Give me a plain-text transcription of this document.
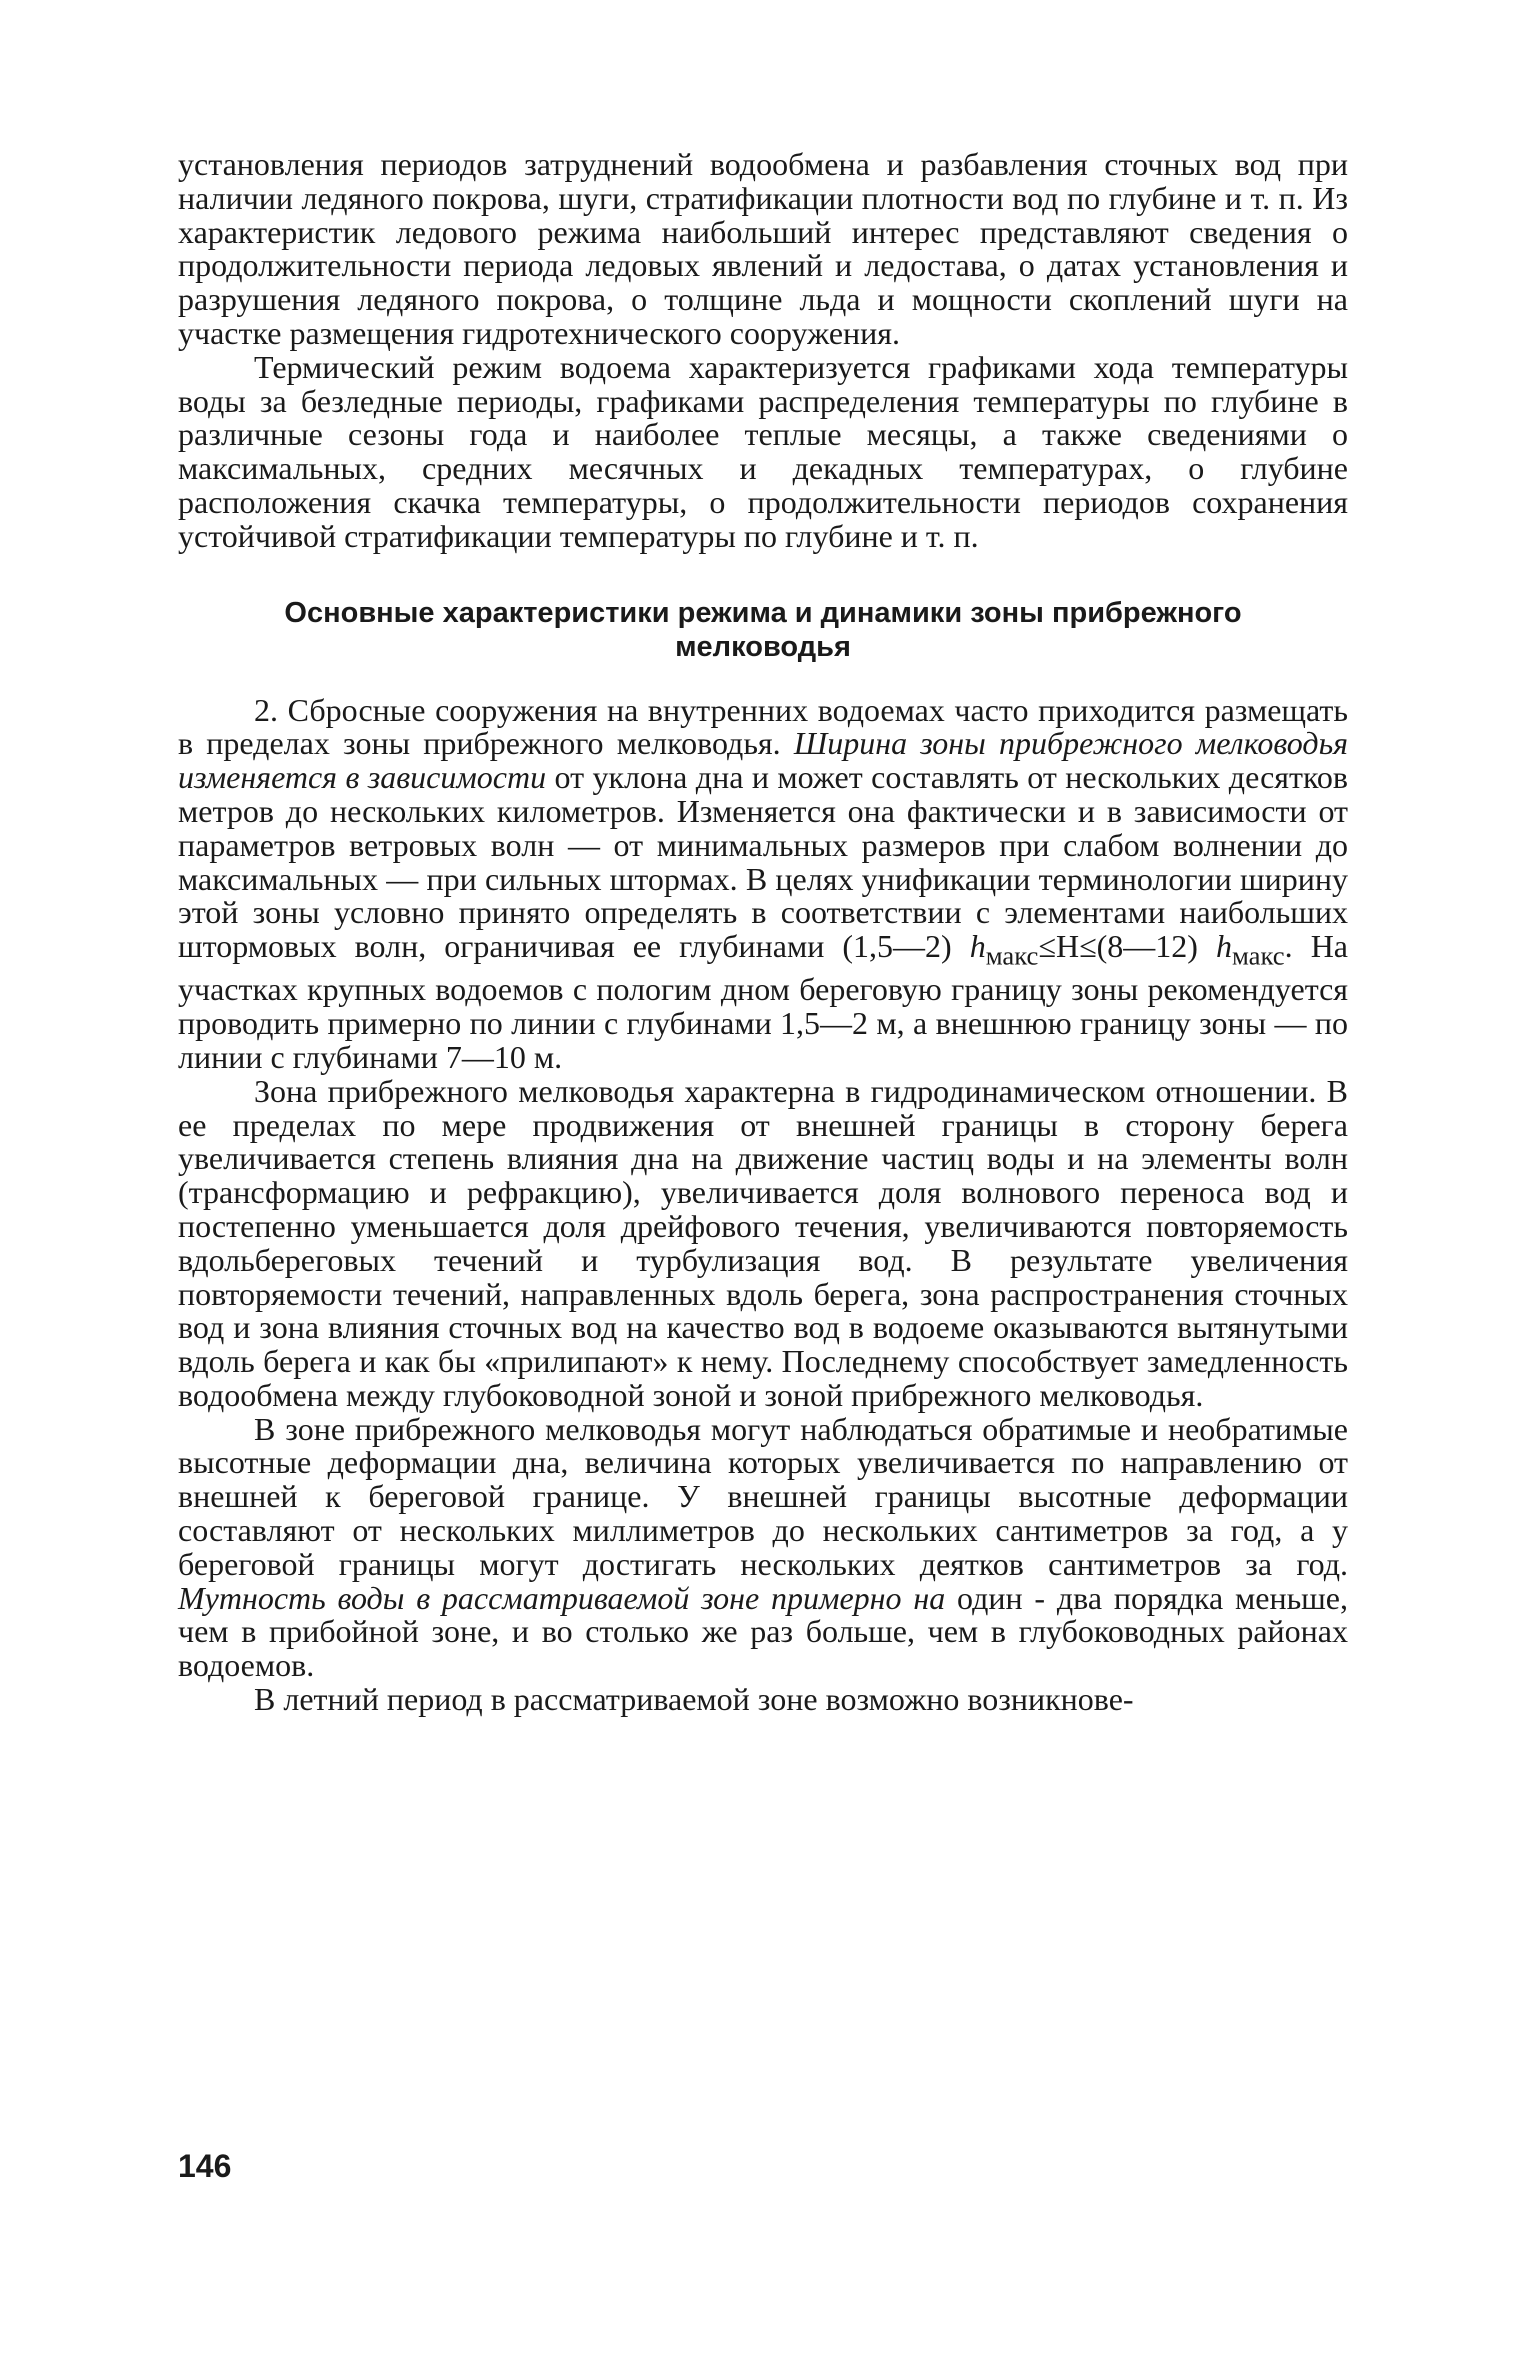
установления периодов затруднений водообмена и разбавления сточных вод при наличии ледяного покрова, шуги, стратификации плотности вод по глубине и т. п. Из характеристик ледового режима наибольший интерес представляют сведения о продолжительности периода ледовых явлений и ледостава, о датах установления и разрушения ледяного покрова, о толщине льда и мощности скоплений шуги на участке размещения гидротехнического сооружения.

Термический режим водоема характеризуется графиками хода температуры воды за безледные периоды, графиками распределения температуры по глубине в различные сезоны года и наиболее теплые месяцы, а также сведениями о максимальных, средних месячных и декадных температурах, о глубине расположения скачка температуры, о продолжительности периодов сохранения устойчивой стратификации температуры по глубине и т. п.

Основные характеристики режима и динамики зоны прибрежного
мелководья

2. Сбросные сооружения на внутренних водоемах часто приходится размещать в пределах зоны прибрежного мелководья. Ширина зоны прибрежного мелководья изменяется в зависимости от уклона дна и может составлять от нескольких десятков метров до нескольких километров. Изменяется она фактически и в зависимости от параметров ветровых волн — от минимальных размеров при слабом волнении до максимальных — при сильных штормах. В целях унификации терминологии ширину этой зоны условно принято определять в соответствии с элементами наибольших штормовых волн, ограничивая ее глубинами (1,5—2) $h_{макс}\le H\le(8—12)$ $h_{макс}$. На участках крупных водоемов с пологим дном береговую границу зоны рекомендуется проводить примерно по линии с глубинами 1,5—2 м, а внешнюю границу зоны — по линии с глубинами 7—10 м.

Зона прибрежного мелководья характерна в гидродинамическом отношении. В ее пределах по мере продвижения от внешней границы в сторону берега увеличивается степень влияния дна на движение частиц воды и на элементы волн (трансформацию и рефракцию), увеличивается доля волнового переноса вод и постепенно уменьшается доля дрейфового течения, увеличиваются повторяемость вдольбереговых течений и турбулизация вод. В результате увеличения повторяемости течений, направленных вдоль берега, зона распространения сточных вод и зона влияния сточных вод на качество вод в водоеме оказываются вытянутыми вдоль берега и как бы «прилипают» к нему. Последнему способствует замедленность водообмена между глубоководной зоной и зоной прибрежного мелководья.

В зоне прибрежного мелководья могут наблюдаться обратимые и необратимые высотные деформации дна, величина которых увеличивается по направлению от внешней к береговой границе. У внешней границы высотные деформации составляют от нескольких миллиметров до нескольких сантиметров за год, а у береговой границы могут достигать нескольких деятков сантиметров за год. Мутность воды в рассматриваемой зоне примерно на один - два порядка меньше, чем в прибойной зоне, и во столько же раз больше, чем в глубоководных районах водоемов.

В летний период в рассматриваемой зоне возможно возникнове-

146
